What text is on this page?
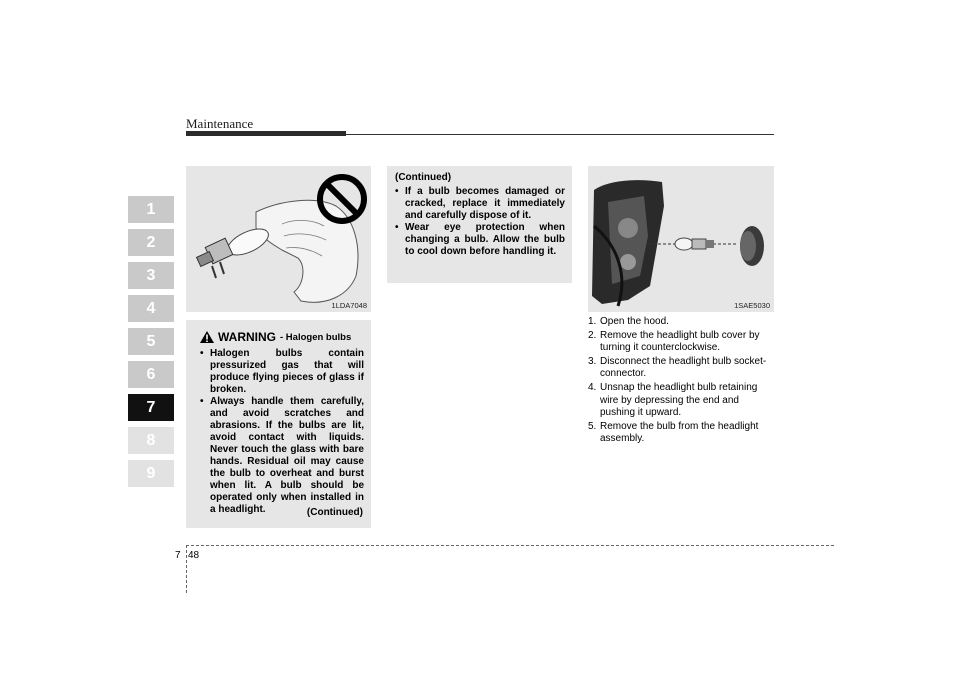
Maintenance
1
2
3
4
5
6
7
8
9
1LDA7048
WARNING - Halogen bulbs
• Halogen bulbs contain pressurized gas that will produce flying pieces of glass if broken.
• Always handle them carefully, and avoid scratches and abrasions. If the bulbs are lit, avoid contact with liquids. Never touch the glass with bare hands. Residual oil may cause the bulb to overheat and burst when lit. A bulb should be operated only when installed in a headlight.	(Continued)
(Continued)
• If a bulb becomes damaged or cracked, replace it immediately and carefully dispose of it.
• Wear eye protection when changing a bulb. Allow the bulb to cool down before handling it.
1SAE5030
1. Open the hood.
2. Remove the headlight bulb cover by turning it counterclockwise.
3. Disconnect the headlight bulb socket-connector.
4. Unsnap the headlight bulb retaining wire by depressing the end and pushing it upward.
5. Remove the bulb from the headlight assembly.
7 48
